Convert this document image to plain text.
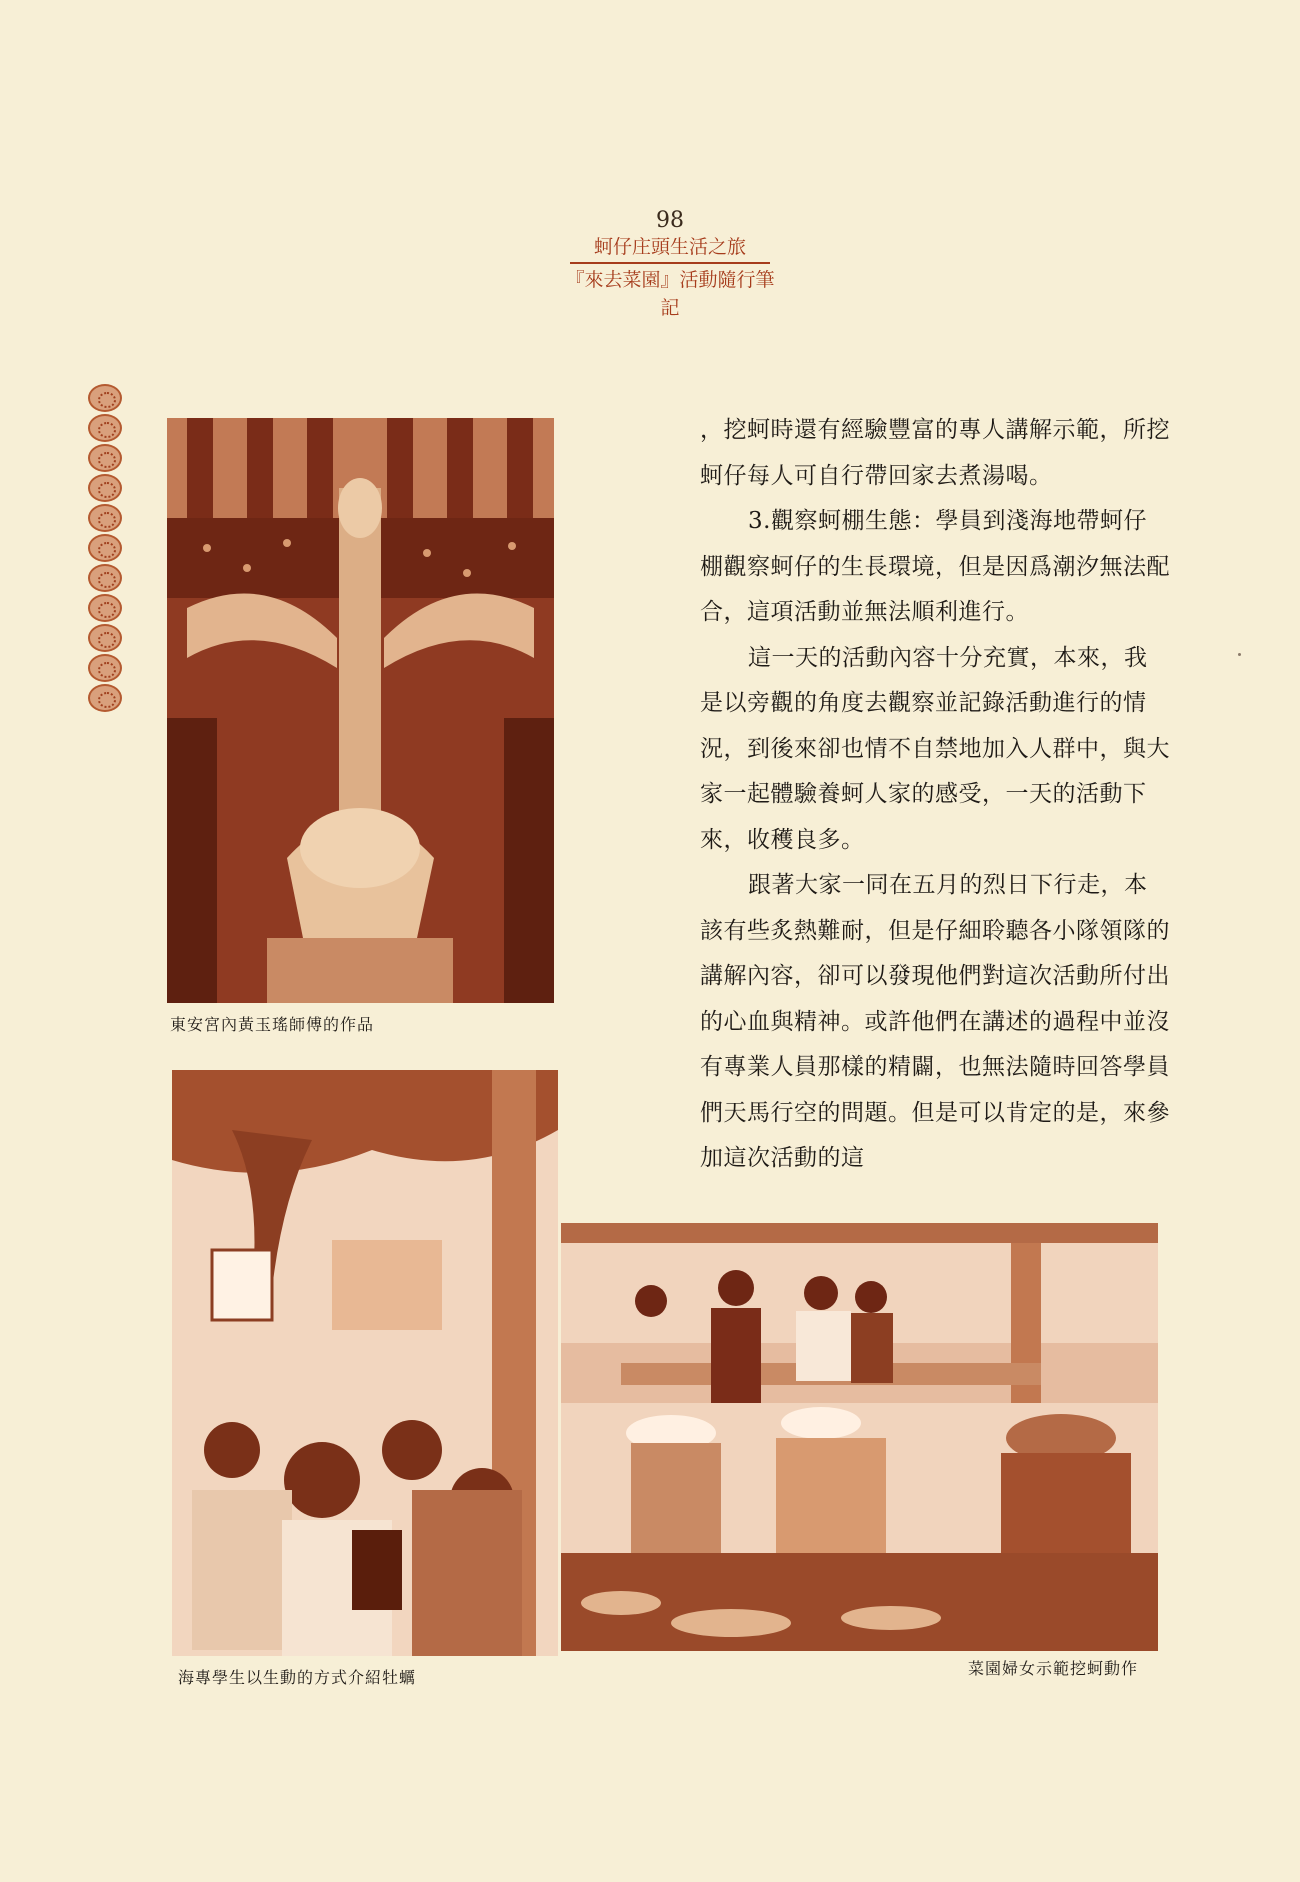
98
蚵仔庄頭生活之旅
『來去菜園』活動隨行筆記
東安宮內黃玉瑤師傅的作品
海專學生以生動的方式介紹牡蠣	菜園婦女示範挖蚵動作

，挖蚵時還有經驗豐富的專人講解示範，所挖蚵仔每人可自行帶回家去煮湯喝。

3.觀察蚵棚生態：學員到淺海地帶蚵仔棚觀察蚵仔的生長環境，但是因爲潮汐無法配合，這項活動並無法順利進行。

這一天的活動內容十分充實，本來，我是以旁觀的角度去觀察並記錄活動進行的情況，到後來卻也情不自禁地加入人群中，與大家一起體驗養蚵人家的感受，一天的活動下來，收穫良多。

跟著大家一同在五月的烈日下行走，本該有些炙熱難耐，但是仔細聆聽各小隊領隊的講解內容，卻可以發現他們對這次活動所付出的心血與精神。或許他們在講述的過程中並沒有專業人員那樣的精闢，也無法隨時回答學員們天馬行空的問題。但是可以肯定的是，來參加這次活動的這
